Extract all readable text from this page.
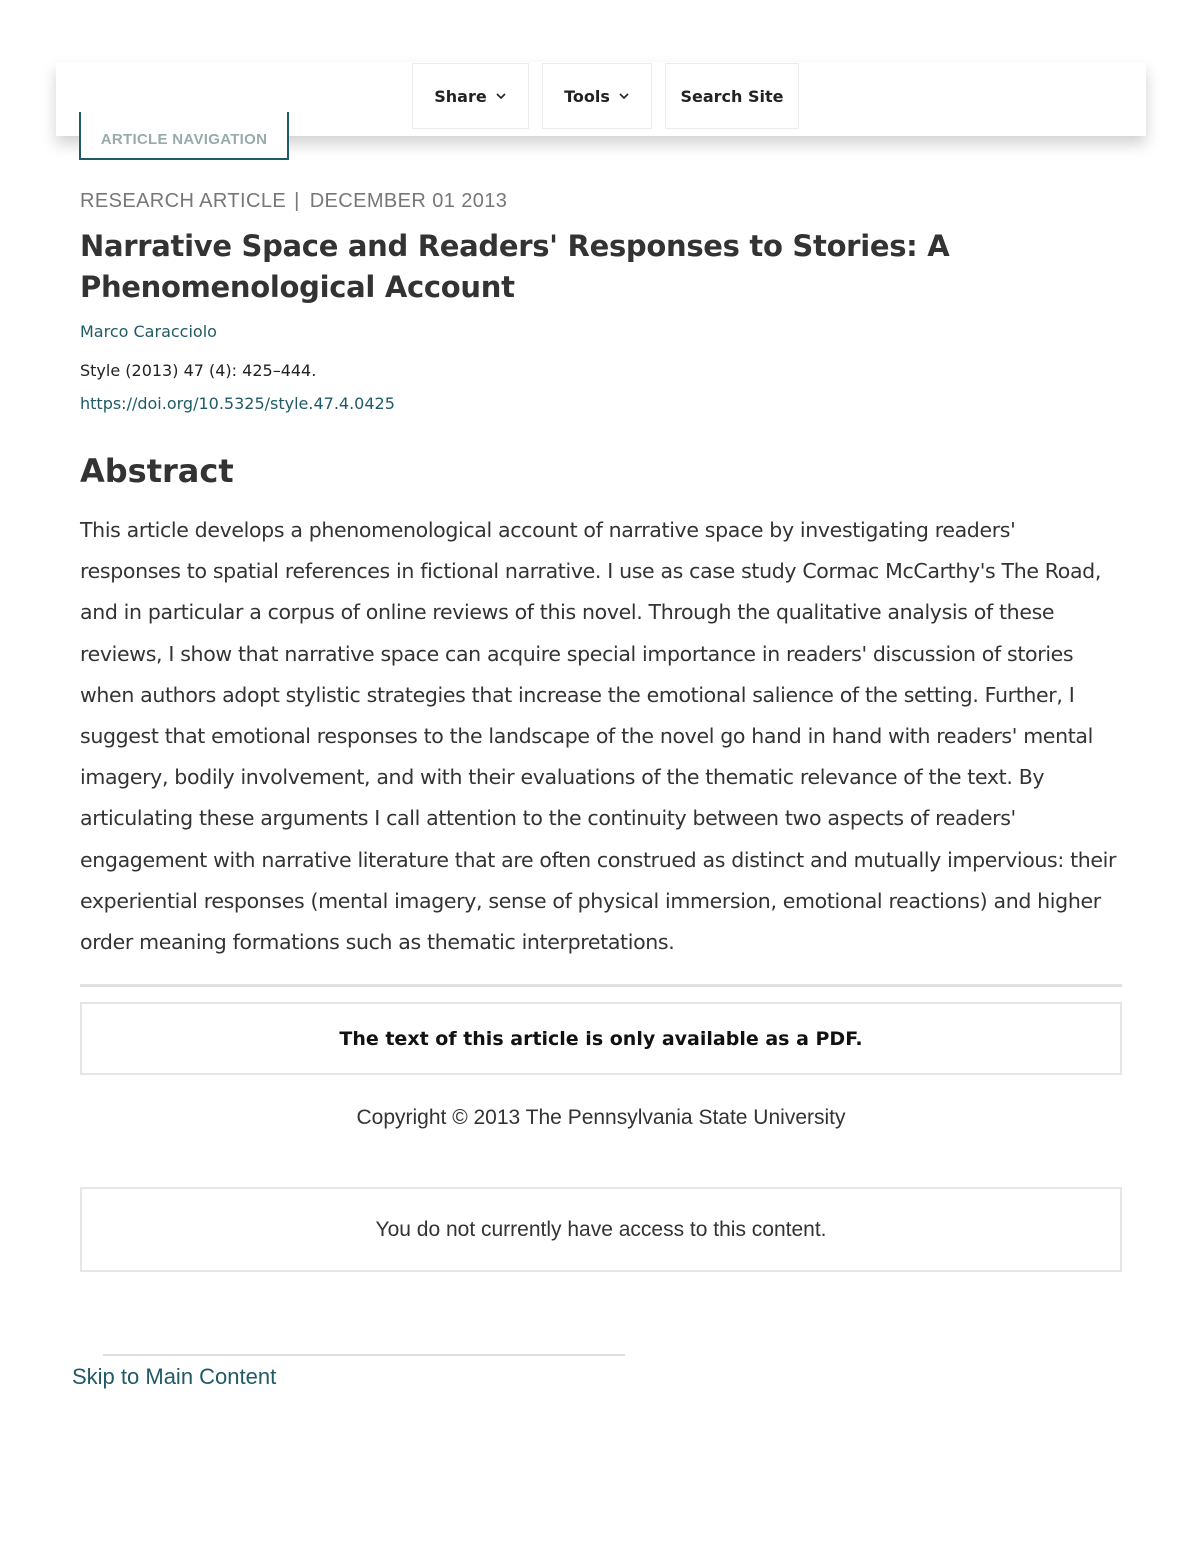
ARTICLE NAVIGATION
Share	Tools	Search Site
RESEARCH ARTICLE | DECEMBER 01 2013
Narrative Space and Readers' Responses to Stories: A Phenomenological Account
Marco Caracciolo
Style (2013) 47 (4): 425–444.
https://doi.org/10.5325/style.47.4.0425
Abstract

This article develops a phenomenological account of narrative space by investigating readers' responses to spatial references in fictional narrative. I use as case study Cormac McCarthy's The Road, and in particular a corpus of online reviews of this novel. Through the qualitative analysis of these reviews, I show that narrative space can acquire special importance in readers' discussion of stories when authors adopt stylistic strategies that increase the emotional salience of the setting. Further, I suggest that emotional responses to the landscape of the novel go hand in hand with readers' mental imagery, bodily involvement, and with their evaluations of the thematic relevance of the text. By articulating these arguments I call attention to the continuity between two aspects of readers' engagement with narrative literature that are often construed as distinct and mutually impervious: their experiential responses (mental imagery, sense of physical immersion, emotional reactions) and higher order meaning formations such as thematic interpretations.

The text of this article is only available as a PDF.
Copyright © 2013 The Pennsylvania State University
You do not currently have access to this content.
Skip to Main Content
